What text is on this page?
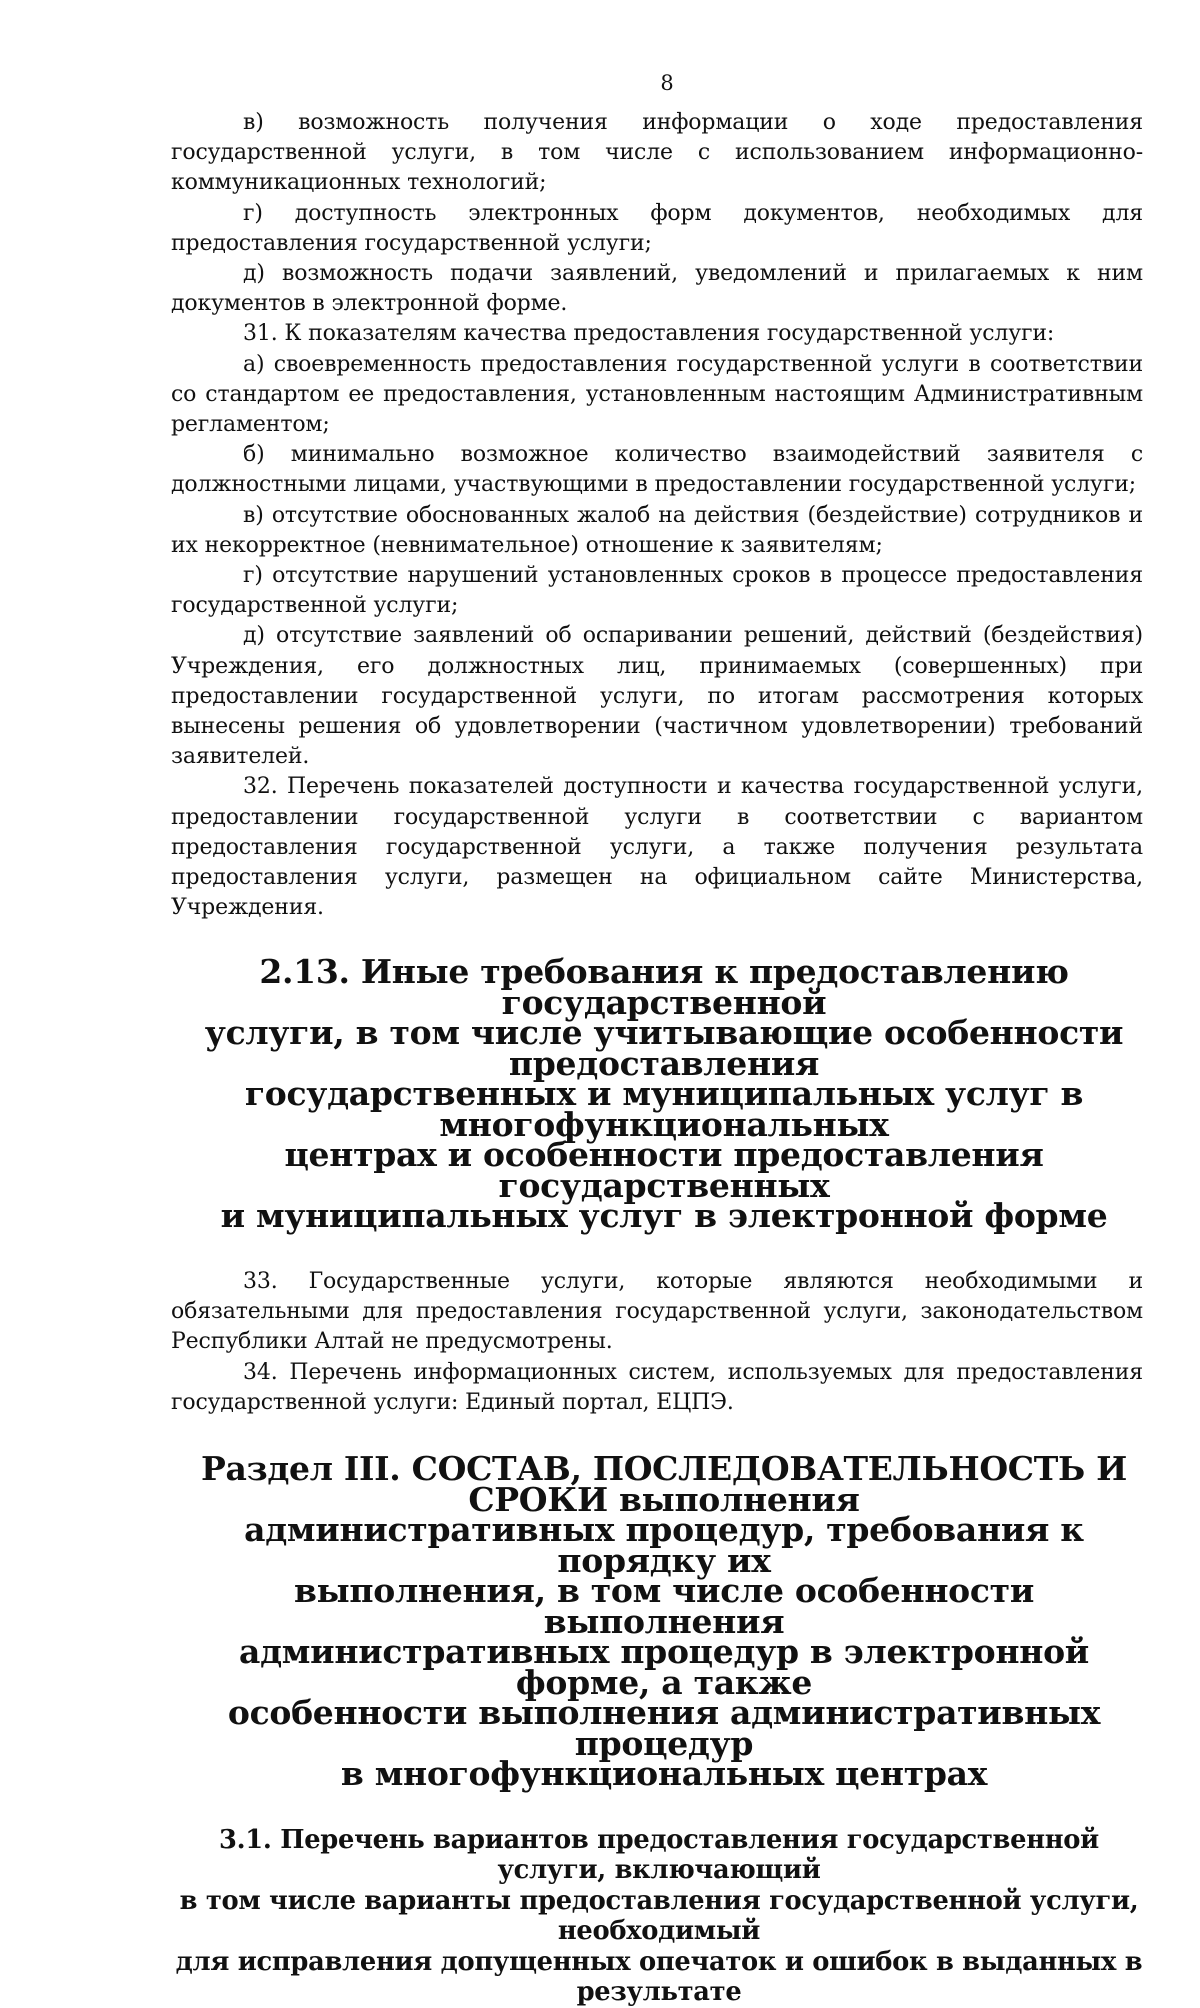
8

в) возможность получения информации о ходе предоставления государственной услуги, в том числе с использованием информационно-коммуникационных технологий;

г) доступность электронных форм документов, необходимых для предоставления государственной услуги;

д) возможность подачи заявлений, уведомлений и прилагаемых к ним документов в электронной форме.

31. К показателям качества предоставления государственной услуги:

а) своевременность предоставления государственной услуги в соответствии со стандартом ее предоставления, установленным настоящим Административным регламентом;

б) минимально возможное количество взаимодействий заявителя с должностными лицами, участвующими в предоставлении государственной услуги;

в) отсутствие обоснованных жалоб на действия (бездействие) сотрудников и их некорректное (невнимательное) отношение к заявителям;

г) отсутствие нарушений установленных сроков в процессе предоставления государственной услуги;

д) отсутствие заявлений об оспаривании решений, действий (бездействия) Учреждения, его должностных лиц, принимаемых (совершенных) при предоставлении государственной услуги, по итогам рассмотрения которых вынесены решения об удовлетворении (частичном удовлетворении) требований заявителей.

32. Перечень показателей доступности и качества государственной услуги, предоставлении государственной услуги в соответствии с вариантом предоставления государственной услуги, а также получения результата предоставления услуги, размещен на официальном сайте Министерства, Учреждения.

2.13. Иные требования к предоставлению государственной
услуги, в том числе учитывающие особенности предоставления
государственных и муниципальных услуг в многофункциональных
центрах и особенности предоставления государственных
и муниципальных услуг в электронной форме

33. Государственные услуги, которые являются необходимыми и обязательными для предоставления государственной услуги, законодательством Республики Алтай не предусмотрены.

34. Перечень информационных систем, используемых для предоставления государственной услуги: Единый портал, ЕЦПЭ.

Раздел III. СОСТАВ, ПОСЛЕДОВАТЕЛЬНОСТЬ И СРОКИ выполнения
административных процедур, требования к порядку их
выполнения, в том числе особенности выполнения
административных процедур в электронной форме, а также
особенности выполнения административных процедур
в многофункциональных центрах
3.1. Перечень вариантов предоставления государственной услуги, включающий
в том числе варианты предоставления государственной услуги, необходимый
для исправления допущенных опечаток и ошибок в выданных в результате
